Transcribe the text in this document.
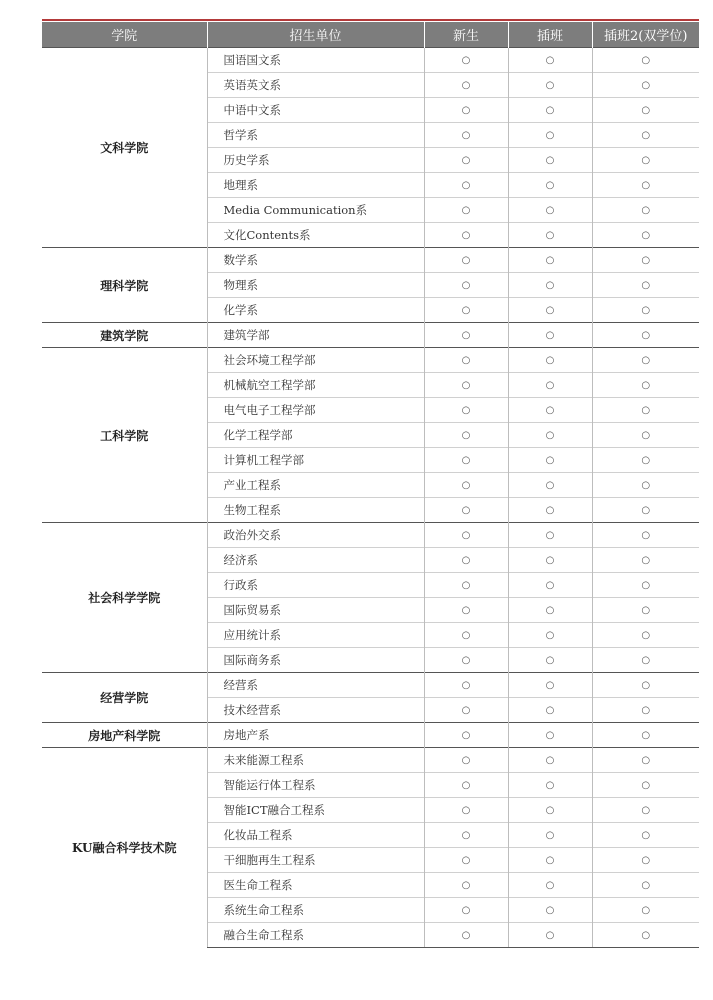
学院	招生单位	新生	插班	插班2(双学位)
文科学院	国语国文系	○	○	○
	英语英文系	○	○	○
	中语中文系	○	○	○
	哲学系	○	○	○
	历史学系	○	○	○
	地理系	○	○	○
	Media Communication系	○	○	○
	文化Contents系	○	○	○
理科学院	数学系	○	○	○
	物理系	○	○	○
	化学系	○	○	○
建筑学院	建筑学部	○	○	○
工科学院	社会环境工程学部	○	○	○
	机械航空工程学部	○	○	○
	电气电子工程学部	○	○	○
	化学工程学部	○	○	○
	计算机工程学部	○	○	○
	产业工程系	○	○	○
	生物工程系	○	○	○
社会科学学院	政治外交系	○	○	○
	经济系	○	○	○
	行政系	○	○	○
	国际贸易系	○	○	○
	应用统计系	○	○	○
	国际商务系	○	○	○
经营学院	经营系	○	○	○
	技术经营系	○	○	○
房地产科学院	房地产系	○	○	○
KU融合科学技术院	未来能源工程系	○	○	○
	智能运行体工程系	○	○	○
	智能ICT融合工程系	○	○	○
	化妆品工程系	○	○	○
	干细胞再生工程系	○	○	○
	医生命工程系	○	○	○
	系统生命工程系	○	○	○
	融合生命工程系	○	○	○
